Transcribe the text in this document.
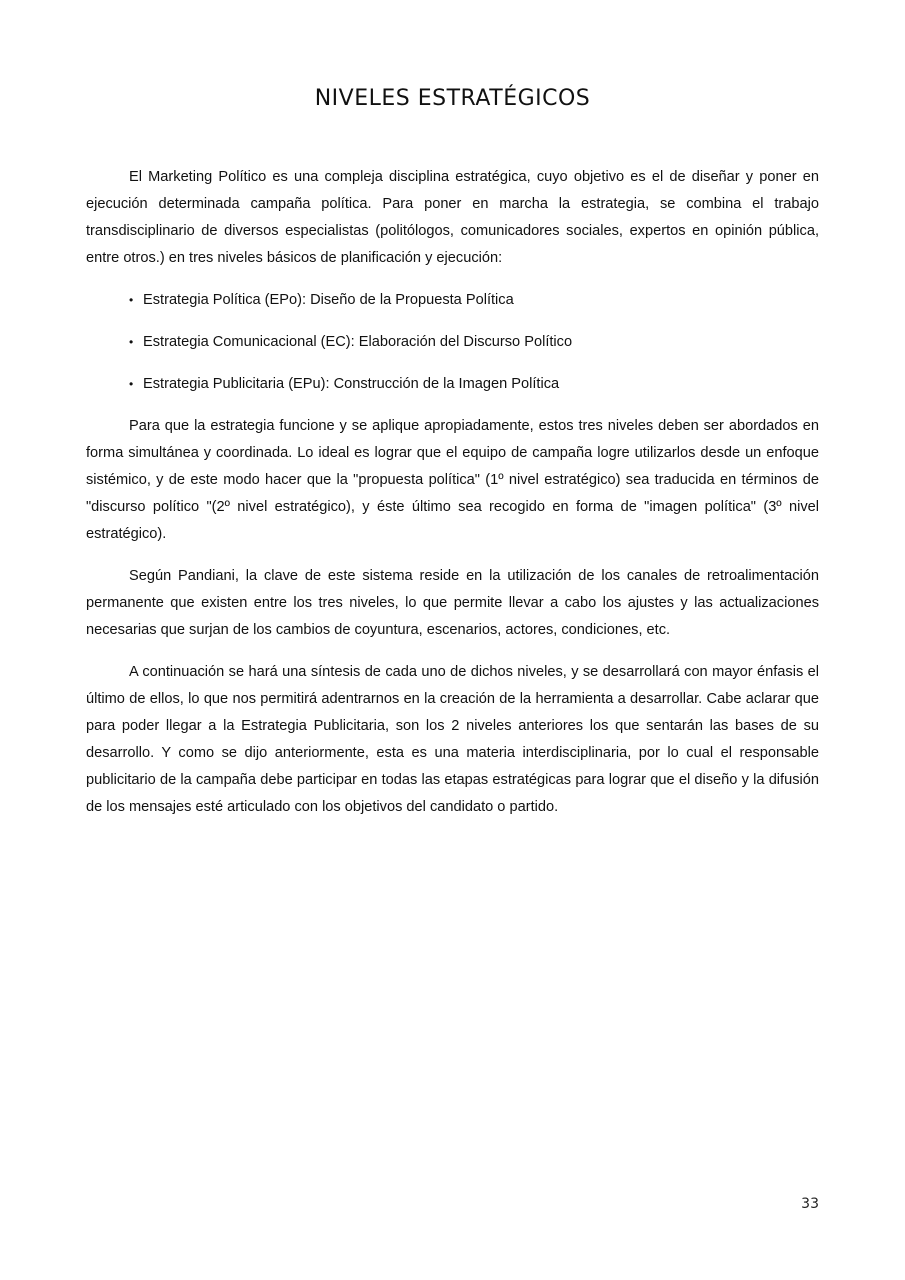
NIVELES ESTRATÉGICOS

El Marketing Político es una compleja disciplina estratégica, cuyo objetivo es el de diseñar y poner en ejecución determinada campaña política. Para poner en marcha la estrategia, se combina el trabajo transdisciplinario de diversos especialistas (politólogos, comunicadores sociales, expertos en opinión pública, entre otros.) en tres niveles básicos de planificación y ejecución:

• Estrategia Política (EPo): Diseño de la Propuesta Política
• Estrategia Comunicacional (EC): Elaboración del Discurso Político
• Estrategia Publicitaria (EPu): Construcción de la Imagen Política

Para que la estrategia funcione y se aplique apropiadamente, estos tres niveles deben ser abordados en forma simultánea y coordinada. Lo ideal es lograr que el equipo de campaña logre utilizarlos desde un enfoque sistémico, y de este modo hacer que la "propuesta política" (1º nivel estratégico) sea traducida en términos de "discurso político "(2º nivel estratégico), y éste último sea recogido en forma de "imagen política" (3º nivel estratégico).

Según Pandiani, la clave de este sistema reside en la utilización de los canales de retroalimentación permanente que existen entre los tres niveles, lo que permite llevar a cabo los ajustes y las actualizaciones necesarias que surjan de los cambios de coyuntura, escenarios, actores, condiciones, etc.

A continuación se hará una síntesis de cada uno de dichos niveles, y se desarrollará con mayor énfasis el último de ellos, lo que nos permitirá adentrarnos en la creación de la herramienta a desarrollar. Cabe aclarar que para poder llegar a la Estrategia Publicitaria, son los 2 niveles anteriores los que sentarán las bases de su desarrollo. Y como se dijo anteriormente, esta es una materia interdisciplinaria, por lo cual el responsable publicitario de la campaña debe participar en todas las etapas estratégicas para lograr que el diseño y la difusión de los mensajes esté articulado con los objetivos del candidato o partido.

33
